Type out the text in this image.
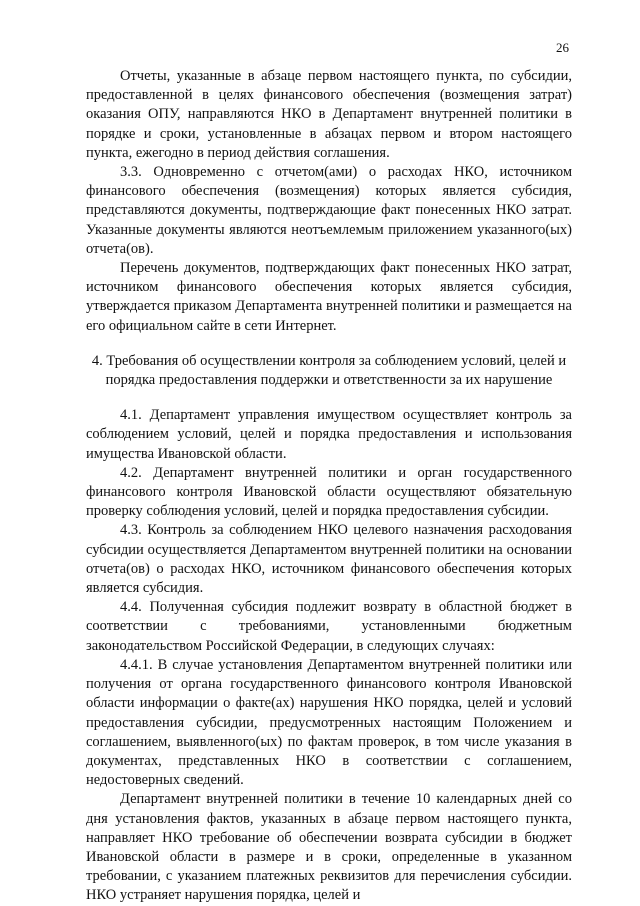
26

Отчеты, указанные в абзаце первом настоящего пункта, по субсидии, предоставленной в целях финансового обеспечения (возмещения затрат) оказания ОПУ, направляются НКО в Департамент внутренней политики в порядке и сроки, установленные в абзацах первом и втором настоящего пункта, ежегодно в период действия соглашения.

3.3. Одновременно с отчетом(ами) о расходах НКО, источником финансового обеспечения (возмещения) которых является субсидия, представляются документы, подтверждающие факт понесенных НКО затрат. Указанные документы являются неотъемлемым приложением указанного(ых) отчета(ов).

Перечень документов, подтверждающих факт понесенных НКО затрат, источником финансового обеспечения которых является субсидия, утверждается приказом Департамента внутренней политики и размещается на его официальном сайте в сети Интернет.

4. Требования об осуществлении контроля за соблюдением условий, целей и порядка предоставления поддержки и ответственности за их нарушение

4.1. Департамент управления имуществом осуществляет контроль за соблюдением условий, целей и порядка предоставления и использования имущества Ивановской области.

4.2. Департамент внутренней политики и орган государственного финансового контроля Ивановской области осуществляют обязательную проверку соблюдения условий, целей и порядка предоставления субсидии.

4.3. Контроль за соблюдением НКО целевого назначения расходования субсидии осуществляется Департаментом внутренней политики на основании отчета(ов) о расходах НКО, источником финансового обеспечения которых является субсидия.

4.4. Полученная субсидия подлежит возврату в областной бюджет в соответствии с требованиями, установленными бюджетным законодательством Российской Федерации, в следующих случаях:

4.4.1. В случае установления Департаментом внутренней политики или получения от органа государственного финансового контроля Ивановской области информации о факте(ах) нарушения НКО порядка, целей и условий предоставления субсидии, предусмотренных настоящим Положением и соглашением, выявленного(ых) по фактам проверок, в том числе указания в документах, представленных НКО в соответствии с соглашением, недостоверных сведений.

Департамент внутренней политики в течение 10 календарных дней со дня установления фактов, указанных в абзаце первом настоящего пункта, направляет НКО требование об обеспечении возврата субсидии в бюджет Ивановской области в размере и в сроки, определенные в указанном требовании, с указанием платежных реквизитов для перечисления субсидии. НКО устраняет нарушения порядка, целей и
